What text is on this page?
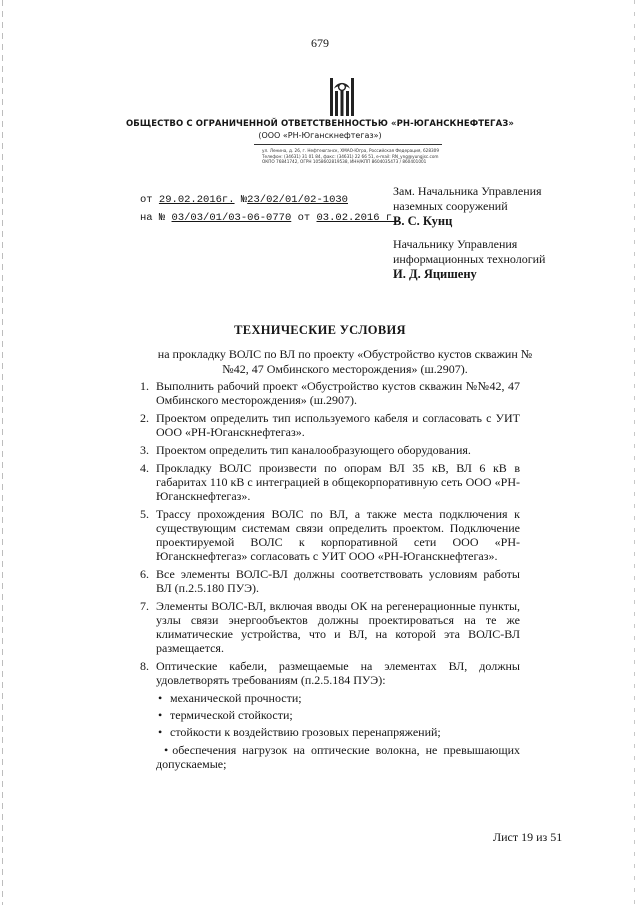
679
ОБЩЕСТВО С ОГРАНИЧЕННОЙ ОТВЕТСТВЕННОСТЬЮ «РН-ЮГАНСКНЕФТЕГАЗ»
(ООО «РН-Юганскнефтегаз»)
ул. Ленина, д. 26, г. Нефтеюганск, ХМАО-Югра, Российская Федерация, 628309
Телефон: (34631) 31 01 84, факс: (34631) 22 66 51, e-mail: RN_yng@yungjsc.com
ОКПО 76841742, ОГРН 1058602819538, ИНН/КПП 8604035473 / 860401001
от 29.02.2016г. №23/02/01/02-1030
на № 03/03/01/03-06-0770 от 03.02.2016 г.
Зам. Начальника Управления
наземных сооружений
В. С. Кунц
Начальнику Управления
информационных технологий
И. Д. Яцишену
ТЕХНИЧЕСКИЕ УСЛОВИЯ
на прокладку ВОЛС по ВЛ по проекту «Обустройство кустов скважин №№42, 47 Омбинского месторождения» (ш.2907).
1. Выполнить рабочий проект «Обустройство кустов скважин №№42, 47 Омбинского месторождения» (ш.2907).
2. Проектом определить тип используемого кабеля и согласовать с УИТ ООО «РН-Юганскнефтегаз».
3. Проектом определить тип каналообразующего оборудования.
4. Прокладку ВОЛС произвести по опорам ВЛ 35 кВ, ВЛ 6 кВ в габаритах 110 кВ с интеграцией в общекорпоративную сеть ООО «РН-Юганскнефтегаз».
5. Трассу прохождения ВОЛС по ВЛ, а также места подключения к существующим системам связи определить проектом. Подключение проектируемой ВОЛС к корпоративной сети ООО «РН-Юганскнефтегаз» согласовать с УИТ ООО «РН-Юганскнефтегаз».
6. Все элементы ВОЛС-ВЛ должны соответствовать условиям работы ВЛ (п.2.5.180 ПУЭ).
7. Элементы ВОЛС-ВЛ, включая вводы ОК на регенерационные пункты, узлы связи энергообъектов должны проектироваться на те же климатические устройства, что и ВЛ, на которой эта ВОЛС-ВЛ размещается.
8. Оптические кабели, размещаемые на элементах ВЛ, должны удовлетворять требованиям (п.2.5.184 ПУЭ):
• механической прочности;
• термической стойкости;
• стойкости к воздействию грозовых перенапряжений;
• обеспечения нагрузок на оптические волокна, не превышающих допускаемые;
Лист 19 из 51
